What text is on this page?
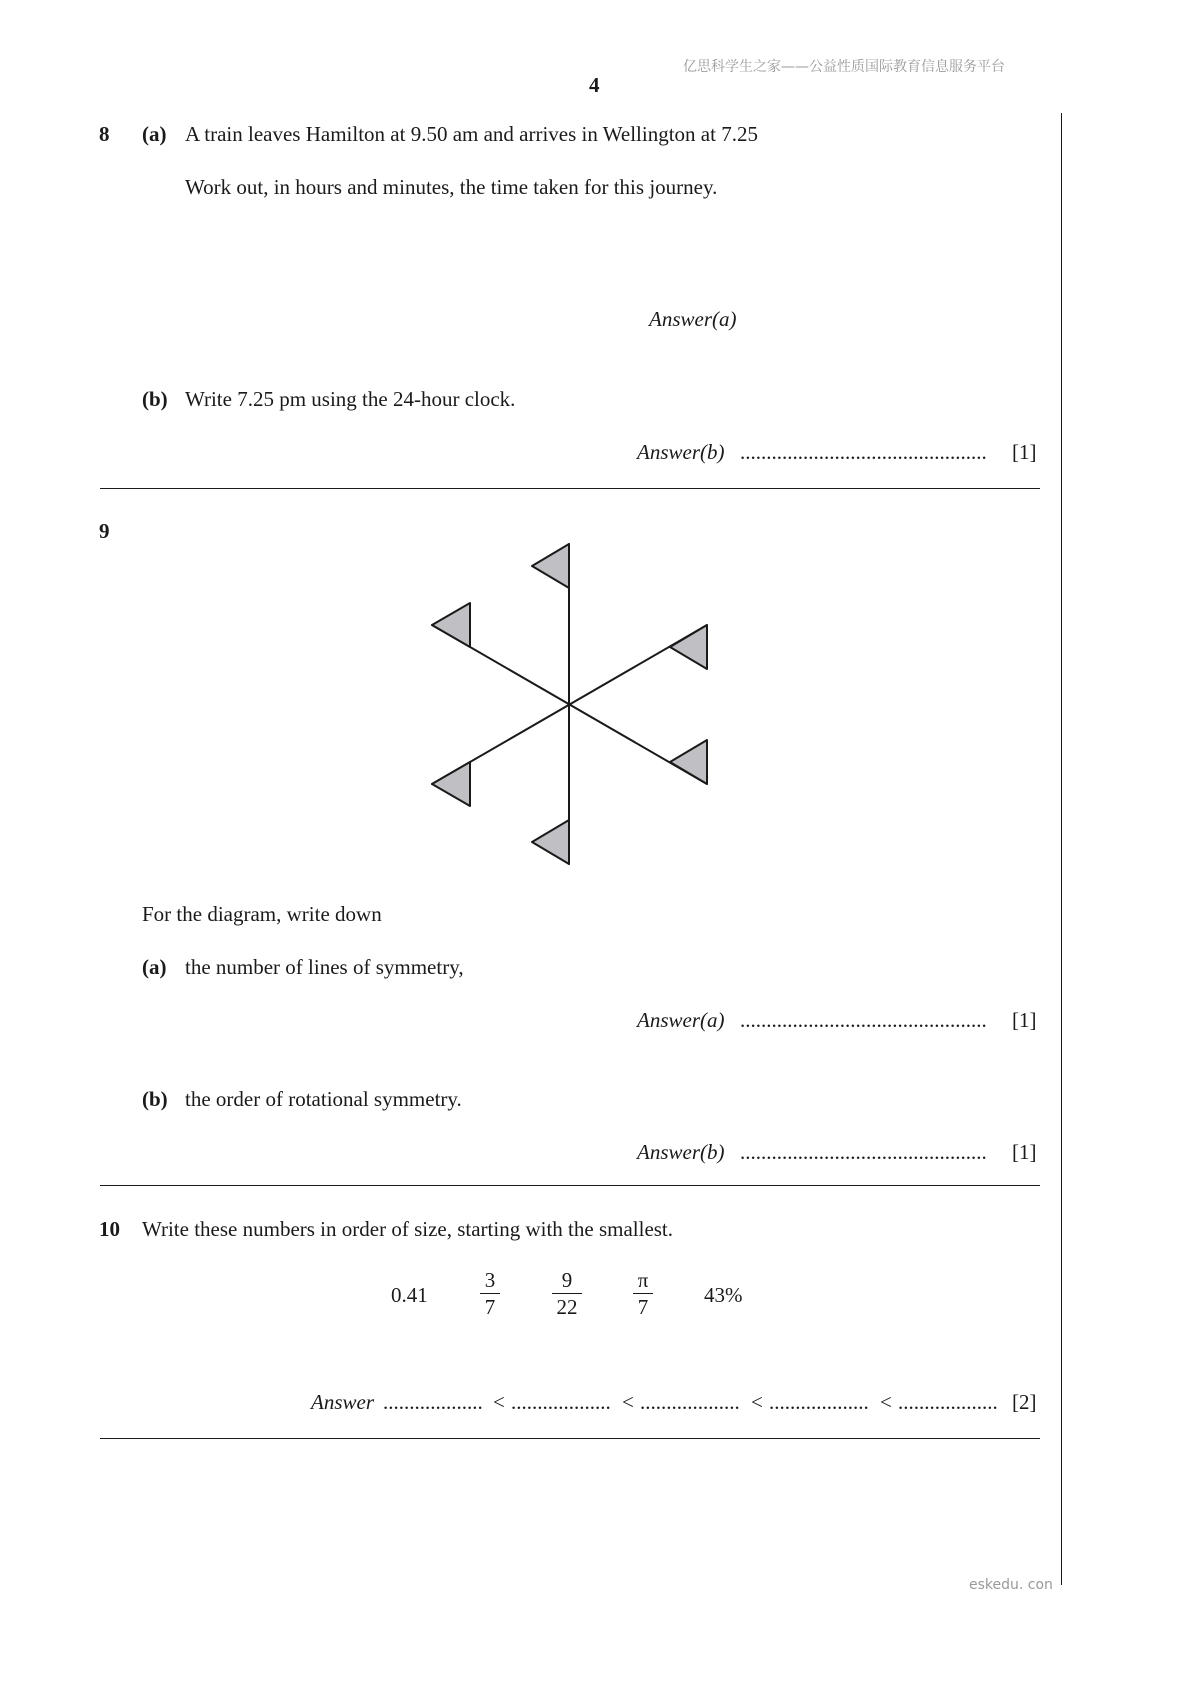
亿思科学生之家——公益性质国际教育信息服务平台
4
8 (a) A train leaves Hamilton at 9.50 am and arrives in Wellington at 7.25
Work out, in hours and minutes, the time taken for this journey.
Answer(a)
(b) Write 7.25 pm using the 24-hour clock.
Answer(b) ............................................... [1]
9
For the diagram, write down
(a) the number of lines of symmetry,
Answer(a) ............................................... [1]
(b) the order of rotational symmetry.
Answer(b) ............................................... [1]
10 Write these numbers in order of size, starting with the smallest.
0.41
3
7
9
22
π
7	43%
Answer ................... < ................... < ................... < ................... < ................... [2]
eskedu. con
